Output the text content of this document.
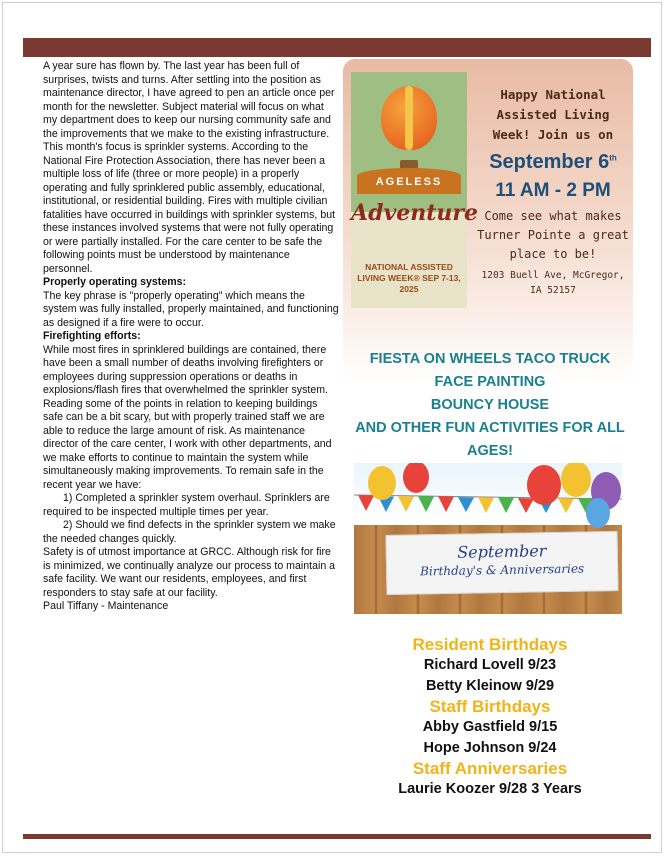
A year sure has flown by. The last year has been full of surprises, twists and turns. After settling into the position as maintenance director, I have agreed to pen an article once per month for the newsletter. Subject material will focus on what my department does to keep our nursing community safe and the improvements that we make to the existing infrastructure. This month's focus is sprinkler systems. According to the National Fire Protection Association, there has never been a multiple loss of life (three or more people) in a properly operating and fully sprinklered public assembly, educational, institutional, or residential building. Fires with multiple civilian fatalities have occurred in buildings with sprinkler systems, but these instances involved systems that were not fully operating or were partially installed. For the care center to be safe the following points must be understood by maintenance personnel.

Properly operating systems:

The key phrase is "properly operating" which means the system was fully installed, properly maintained, and functioning as designed if a fire were to occur.

Firefighting efforts:

While most fires in sprinklered buildings are contained, there have been a small number of deaths involving firefighters or employees during suppression operations or deaths in explosions/flash fires that overwhelmed the sprinkler system.

Reading some of the points in relation to keeping buildings safe can be a bit scary, but with properly trained staff we are able to reduce the large amount of risk. As maintenance director of the care center, I work with other departments, and we make efforts to continue to maintain the system while simultaneously making improvements. To remain safe in the recent year we have:

1) Completed a sprinkler system overhaul. Sprinklers are required to be inspected multiple times per year.

2) Should we find defects in the sprinkler system we make the needed changes quickly.

Safety is of utmost importance at GRCC. Although risk for fire is minimized, we continually analyze our process to maintain a safe facility. We want our residents, employees, and first responders to stay safe at our facility.

Paul Tiffany - Maintenance

AGELESS
Adventure
NATIONAL ASSISTED LIVING WEEK® SEP 7-13, 2025
Happy National Assisted Living Week! Join us on
September 6th
11 AM - 2 PM
Come see what makes Turner Pointe a great place to be!
1203 Buell Ave, McGregor, IA 52157
FIESTA ON WHEELS TACO TRUCK
FACE PAINTING
BOUNCY HOUSE
AND OTHER FUN ACTIVITIES FOR ALL AGES!
September
Birthday's & Anniversaries
Resident Birthdays
Richard Lovell 9/23
Betty Kleinow 9/29
Staff Birthdays
Abby Gastfield 9/15
Hope Johnson 9/24
Staff Anniversaries
Laurie Koozer 9/28 3 Years
